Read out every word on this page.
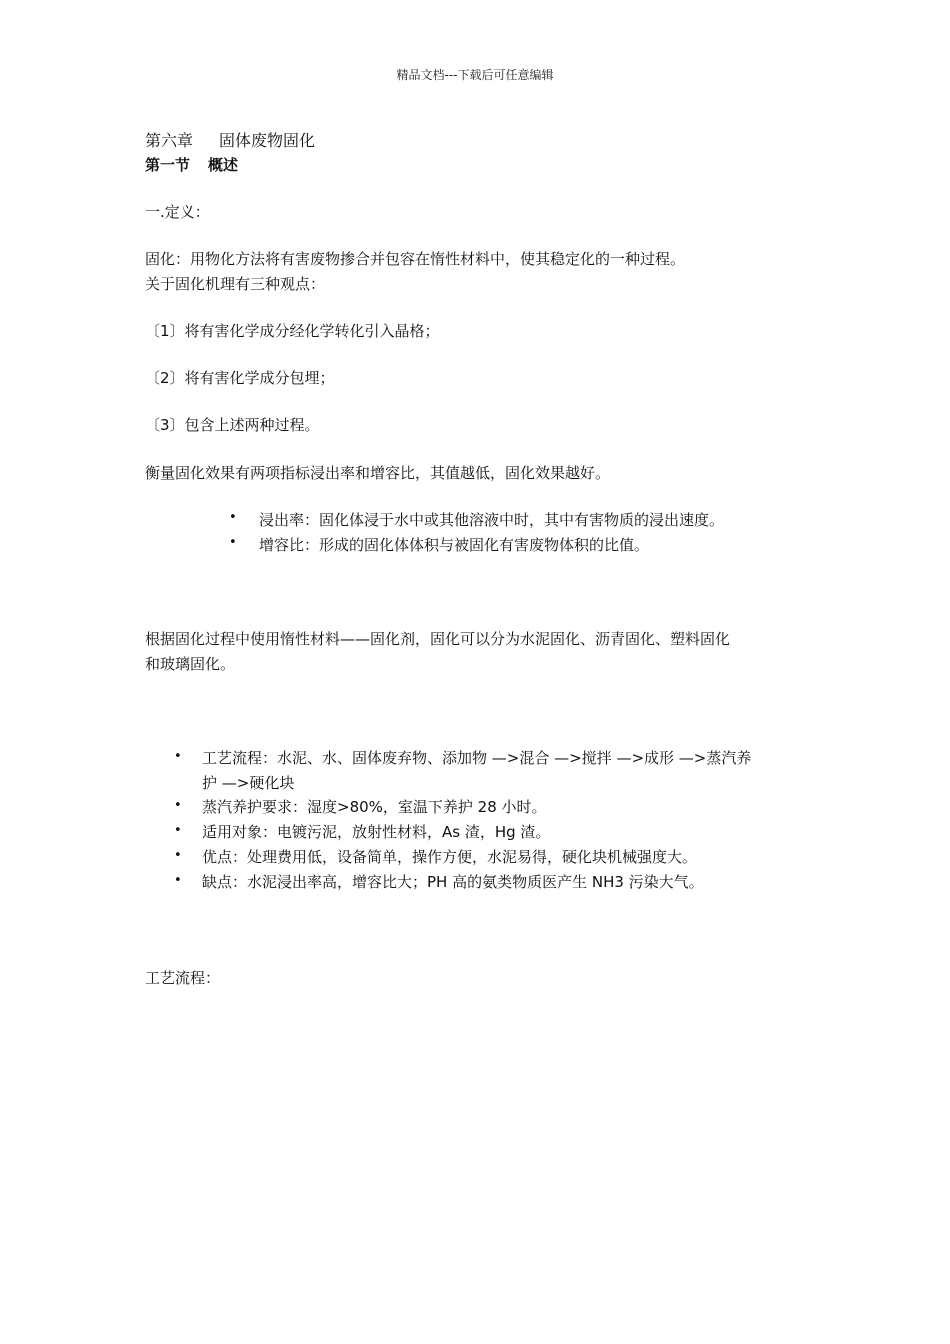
精品文档---下载后可任意编辑
第六章 固体废物固化
第一节 概述
一.定义：
固化：用物化方法将有害废物掺合并包容在惰性材料中，使其稳定化的一种过程。
关于固化机理有三种观点：
〔1〕将有害化学成分经化学转化引入晶格；
〔2〕将有害化学成分包埋；
〔3〕包含上述两种过程。
衡量固化效果有两项指标浸出率和增容比，其值越低，固化效果越好。
• 浸出率：固化体浸于水中或其他溶液中时，其中有害物质的浸出速度。
• 增容比：形成的固化体体积与被固化有害废物体积的比值。
根据固化过程中使用惰性材料——固化剂，固化可以分为水泥固化、沥青固化、塑料固化
和玻璃固化。
• 工艺流程：水泥、水、固体废弃物、添加物 —>混合 —>搅拌 —>成形 —>蒸汽养
护 —>硬化块
• 蒸汽养护要求：湿度>80%，室温下养护 28 小时。
• 适用对象：电镀污泥，放射性材料，As 渣，Hg 渣。
• 优点：处理费用低，设备简单，操作方便，水泥易得，硬化块机械强度大。
• 缺点：水泥浸出率高，增容比大；PH 高的氨类物质医产生 NH3 污染大气。
工艺流程：
